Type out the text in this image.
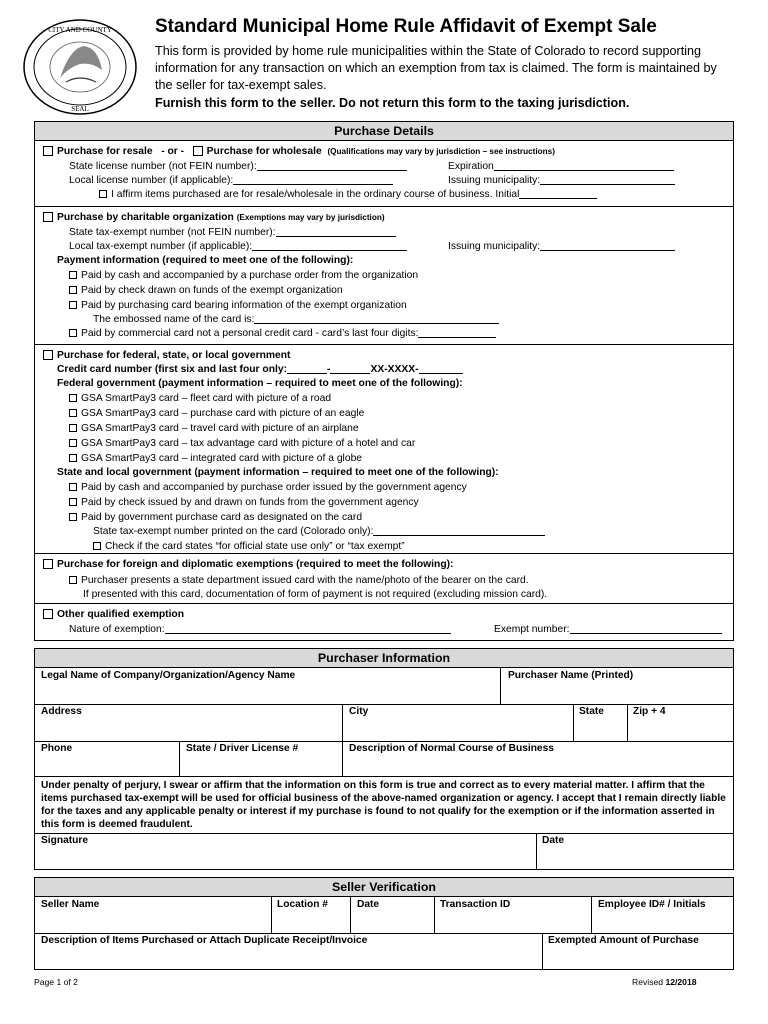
CITY AND COUNTY
SEAL
Standard Municipal Home Rule Affidavit of Exempt Sale
This form is provided by home rule municipalities within the State of Colorado to record supporting information for any transaction on which an exemption from tax is claimed. The form is maintained by the seller for tax-exempt sales.
Furnish this form to the seller. Do not return this form to the taxing jurisdiction.
Purchase Details
Purchase for resale - or - Purchase for wholesale (Qualifications may vary by jurisdiction – see instructions)
State license number (not FEIN number):	Expiration
Local license number (if applicable):	Issuing municipality:
I affirm items purchased are for resale/wholesale in the ordinary course of business. Initial
Purchase by charitable organization (Exemptions may vary by jurisdiction)
State tax-exempt number (not FEIN number):
Local tax-exempt number (if applicable):	Issuing municipality:
Payment information (required to meet one of the following):
Paid by cash and accompanied by a purchase order from the organization
Paid by check drawn on funds of the exempt organization
Paid by purchasing card bearing information of the exempt organization
The embossed name of the card is:
Paid by commercial card not a personal credit card - card’s last four digits:
Purchase for federal, state, or local government
Credit card number (first six and last four only:	-	XX-XXXX-
Federal government (payment information – required to meet one of the following):
GSA SmartPay3 card – fleet card with picture of a road
GSA SmartPay3 card – purchase card with picture of an eagle
GSA SmartPay3 card – travel card with picture of an airplane
GSA SmartPay3 card – tax advantage card with picture of a hotel and car
GSA SmartPay3 card – integrated card with picture of a globe
State and local government (payment information – required to meet one of the following):
Paid by cash and accompanied by purchase order issued by the government agency
Paid by check issued by and drawn on funds from the government agency
Paid by government purchase card as designated on the card
State tax-exempt number printed on the card (Colorado only):
Check if the card states “for official state use only” or “tax exempt”
Purchase for foreign and diplomatic exemptions (required to meet the following):
Purchaser presents a state department issued card with the name/photo of the bearer on the card.
If presented with this card, documentation of form of payment is not required (excluding mission card).
Other qualified exemption
Nature of exemption:	Exempt number:
Purchaser Information
Legal Name of Company/Organization/Agency Name	Purchaser Name (Printed)
Address	City	State	Zip + 4
Phone	State / Driver License #	Description of Normal Course of Business
Under penalty of perjury, I swear or affirm that the information on this form is true and correct as to every material matter. I affirm that the items purchased tax-exempt will be used for official business of the above-named organization or agency. I accept that I remain directly liable for the taxes and any applicable penalty or interest if my purchase is found to not qualify for the exemption or if the information asserted in this form is deemed fraudulent.
Signature	Date
Seller Verification
Seller Name	Location #	Date	Transaction ID	Employee ID# / Initials
Description of Items Purchased or Attach Duplicate Receipt/Invoice	Exempted Amount of Purchase
Page 1 of 2	Revised 12/2018
